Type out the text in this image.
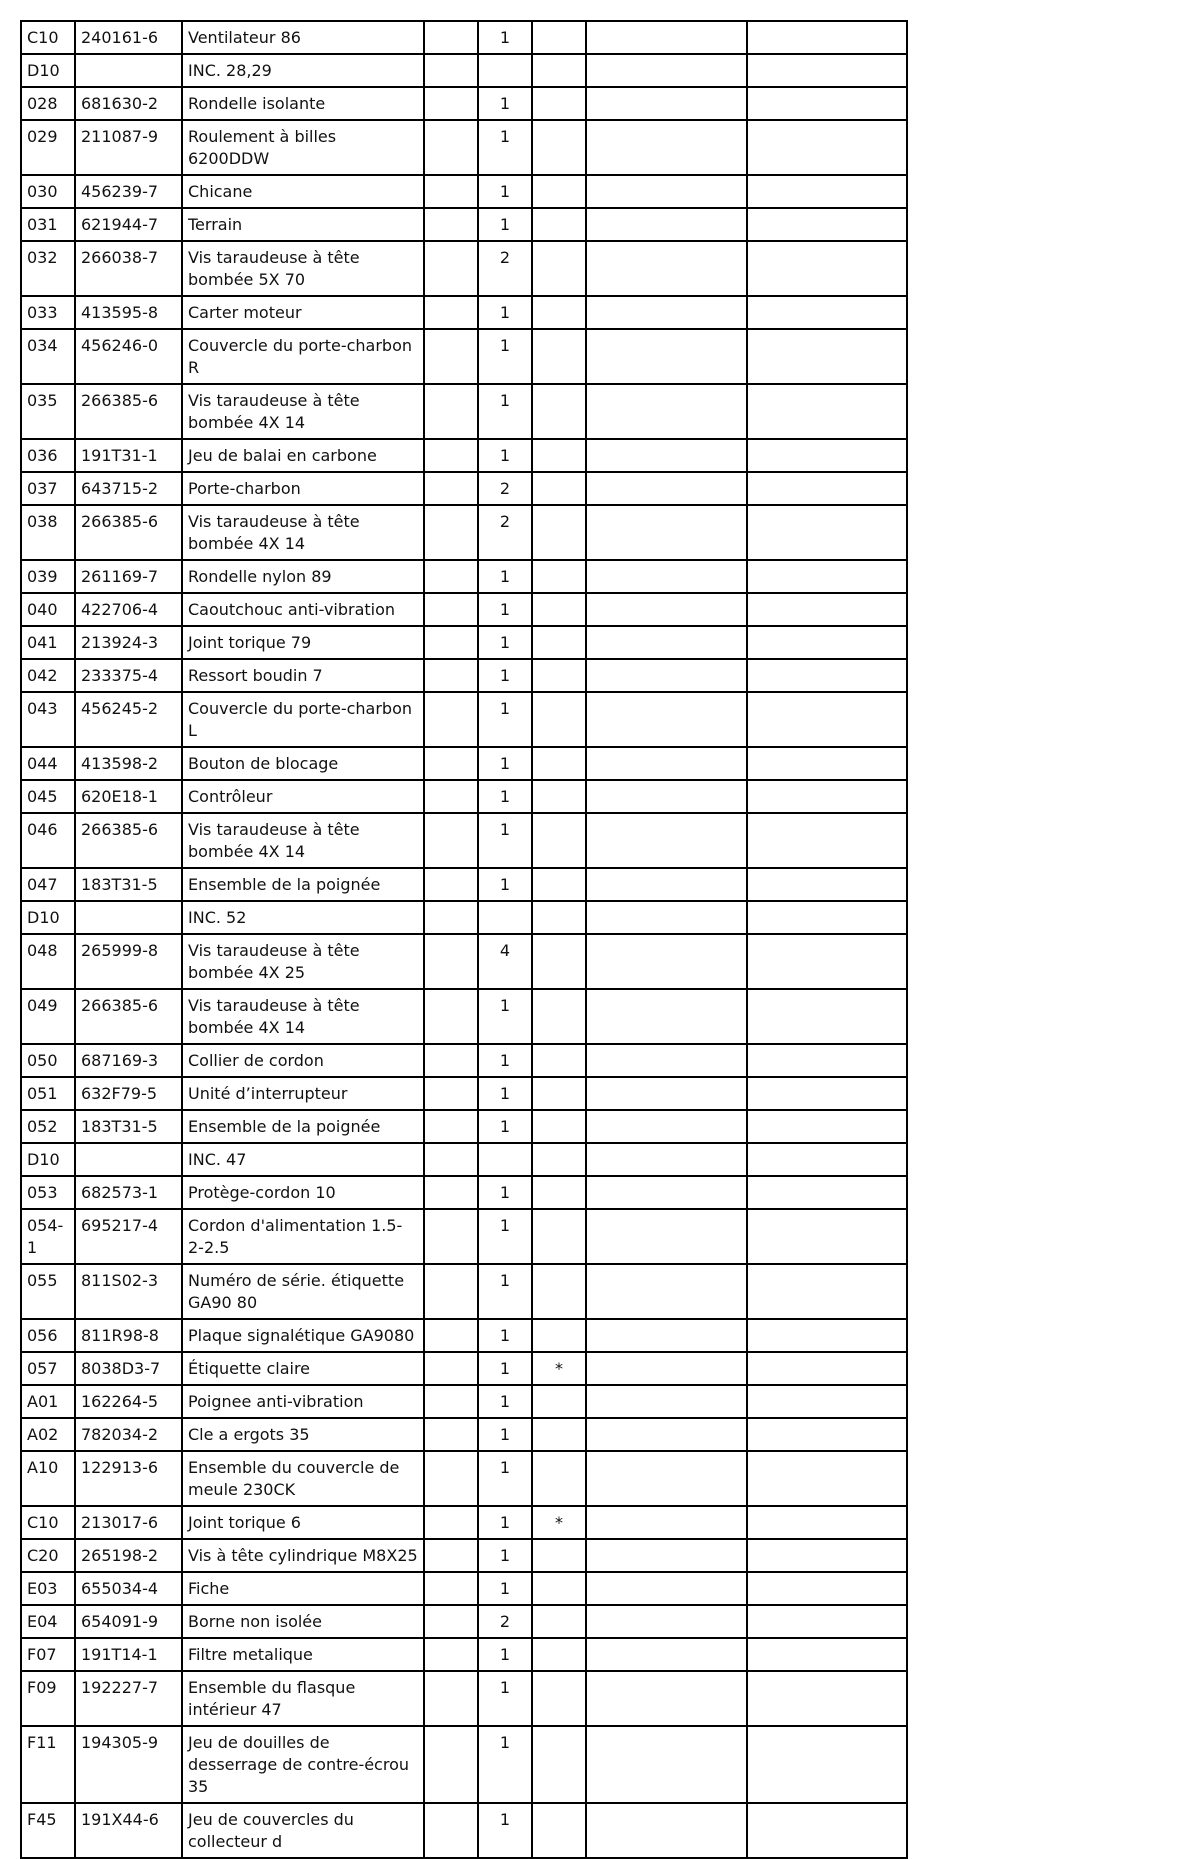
C10	240161-6	Ventilateur 86		1			
D10		INC. 28,29					
028	681630-2	Rondelle isolante		1			
029	211087-9	Roulement à billes 6200DDW		1			
030	456239-7	Chicane		1			
031	621944-7	Terrain		1			
032	266038-7	Vis taraudeuse à tête bombée 5X 70		2			
033	413595-8	Carter moteur		1			
034	456246-0	Couvercle du porte-charbon R		1			
035	266385-6	Vis taraudeuse à tête bombée 4X 14		1			
036	191T31-1	Jeu de balai en carbone		1			
037	643715-2	Porte-charbon		2			
038	266385-6	Vis taraudeuse à tête bombée 4X 14		2			
039	261169-7	Rondelle nylon 89		1			
040	422706-4	Caoutchouc anti-vibration		1			
041	213924-3	Joint torique 79		1			
042	233375-4	Ressort boudin 7		1			
043	456245-2	Couvercle du porte-charbon L		1			
044	413598-2	Bouton de blocage		1			
045	620E18-1	Contrôleur		1			
046	266385-6	Vis taraudeuse à tête bombée 4X 14		1			
047	183T31-5	Ensemble de la poignée		1			
D10		INC. 52					
048	265999-8	Vis taraudeuse à tête bombée 4X 25		4			
049	266385-6	Vis taraudeuse à tête bombée 4X 14		1			
050	687169-3	Collier de cordon		1			
051	632F79-5	Unité d’interrupteur		1			
052	183T31-5	Ensemble de la poignée		1			
D10		INC. 47					
053	682573-1	Protège-cordon 10		1			
054-1	695217-4	Cordon d'alimentation 1.5-2-2.5		1			
055	811S02-3	Numéro de série. étiquette GA90 80		1			
056	811R98-8	Plaque signalétique GA9080		1			
057	8038D3-7	Étiquette claire		1	*		
A01	162264-5	Poignee anti-vibration		1			
A02	782034-2	Cle a ergots 35		1			
A10	122913-6	Ensemble du couvercle de meule 230CK		1			
C10	213017-6	Joint torique 6		1	*		
C20	265198-2	Vis à tête cylindrique M8X25		1			
E03	655034-4	Fiche		1			
E04	654091-9	Borne non isolée		2			
F07	191T14-1	Filtre metalique		1			
F09	192227-7	Ensemble du flasque intérieur 47		1			
F11	194305-9	Jeu de douilles de desserrage de contre-écrou 35		1			
F45	191X44-6	Jeu de couvercles du collecteur d		1			
